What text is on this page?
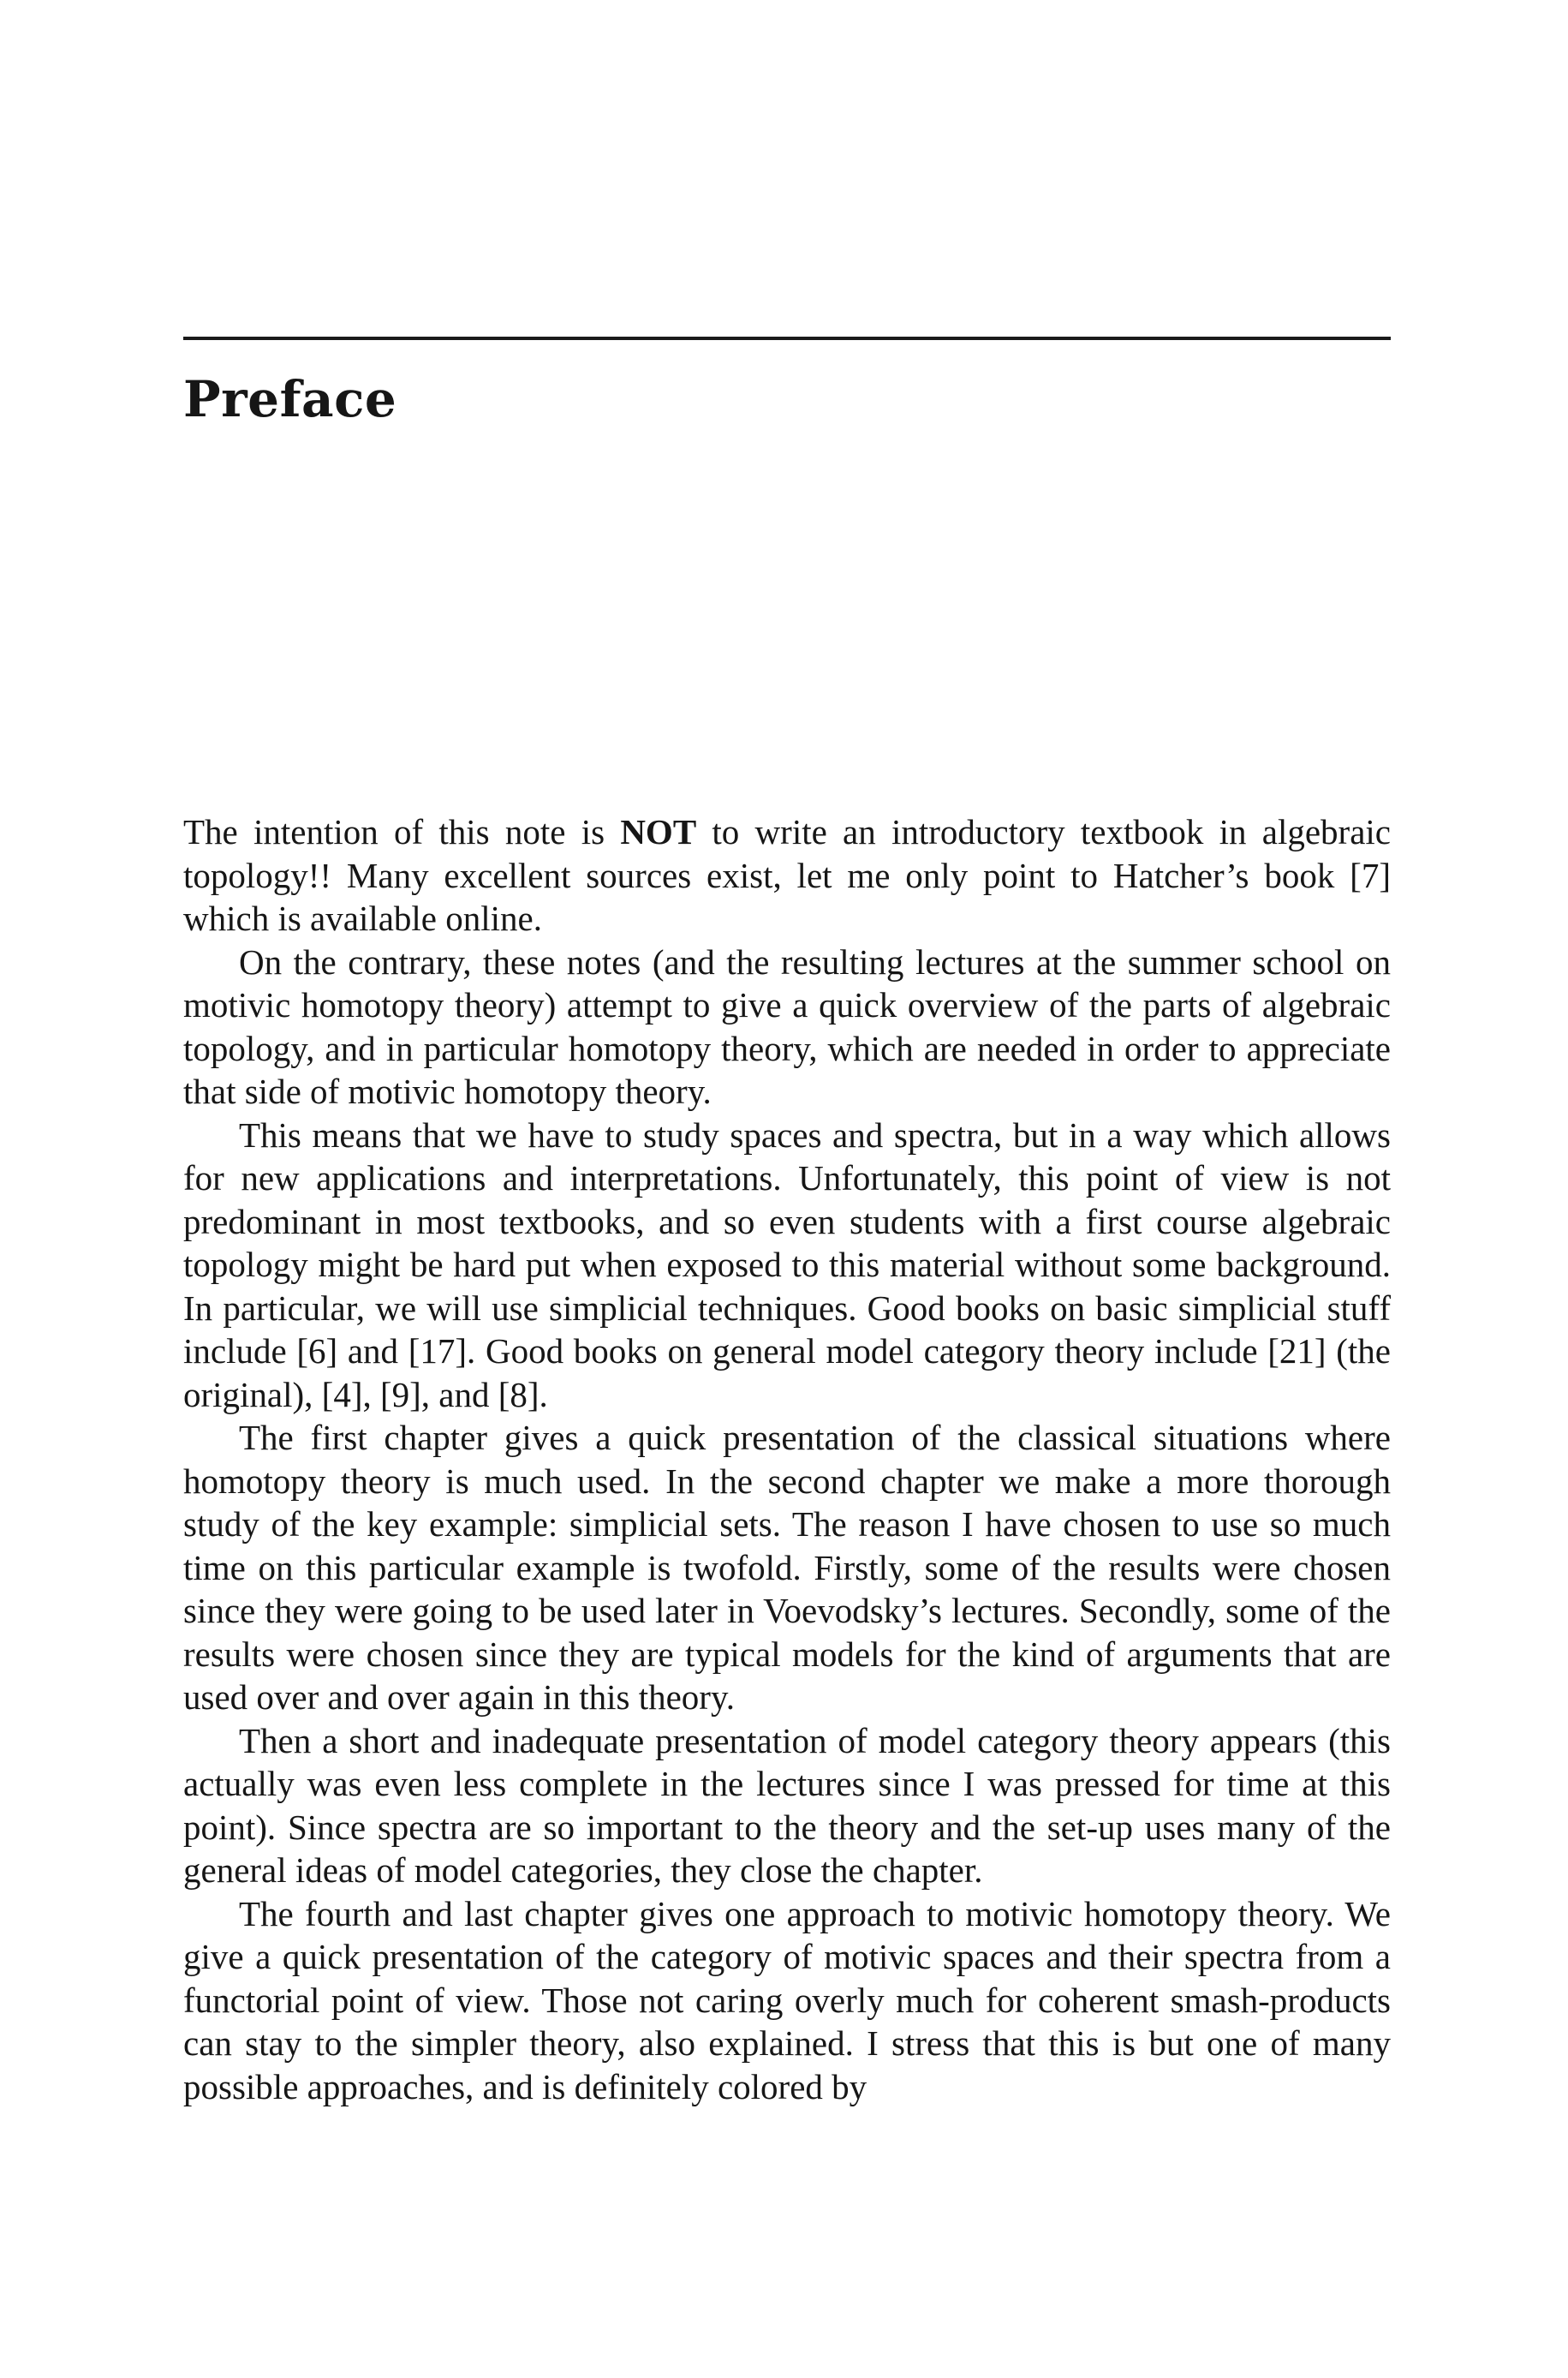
Preface

The intention of this note is NOT to write an introductory textbook in algebraic topology!! Many excellent sources exist, let me only point to Hatcher’s book [7] which is available online.

On the contrary, these notes (and the resulting lectures at the summer school on motivic homotopy theory) attempt to give a quick overview of the parts of algebraic topology, and in particular homotopy theory, which are needed in order to appreciate that side of motivic homotopy theory.

This means that we have to study spaces and spectra, but in a way which allows for new applications and interpretations. Unfortunately, this point of view is not predominant in most textbooks, and so even students with a first course algebraic topology might be hard put when exposed to this material without some background. In particular, we will use simplicial techniques. Good books on basic simplicial stuff include [6] and [17]. Good books on general model category theory include [21] (the original), [4], [9], and [8].

The first chapter gives a quick presentation of the classical situations where homotopy theory is much used. In the second chapter we make a more thorough study of the key example: simplicial sets. The reason I have chosen to use so much time on this particular example is twofold. Firstly, some of the results were chosen since they were going to be used later in Voevodsky’s lectures. Secondly, some of the results were chosen since they are typical models for the kind of arguments that are used over and over again in this theory.

Then a short and inadequate presentation of model category theory appears (this actually was even less complete in the lectures since I was pressed for time at this point). Since spectra are so important to the theory and the set-up uses many of the general ideas of model categories, they close the chapter.

The fourth and last chapter gives one approach to motivic homotopy theory. We give a quick presentation of the category of motivic spaces and their spectra from a functorial point of view. Those not caring overly much for coherent smash-products can stay to the simpler theory, also explained. I stress that this is but one of many possible approaches, and is definitely colored by
